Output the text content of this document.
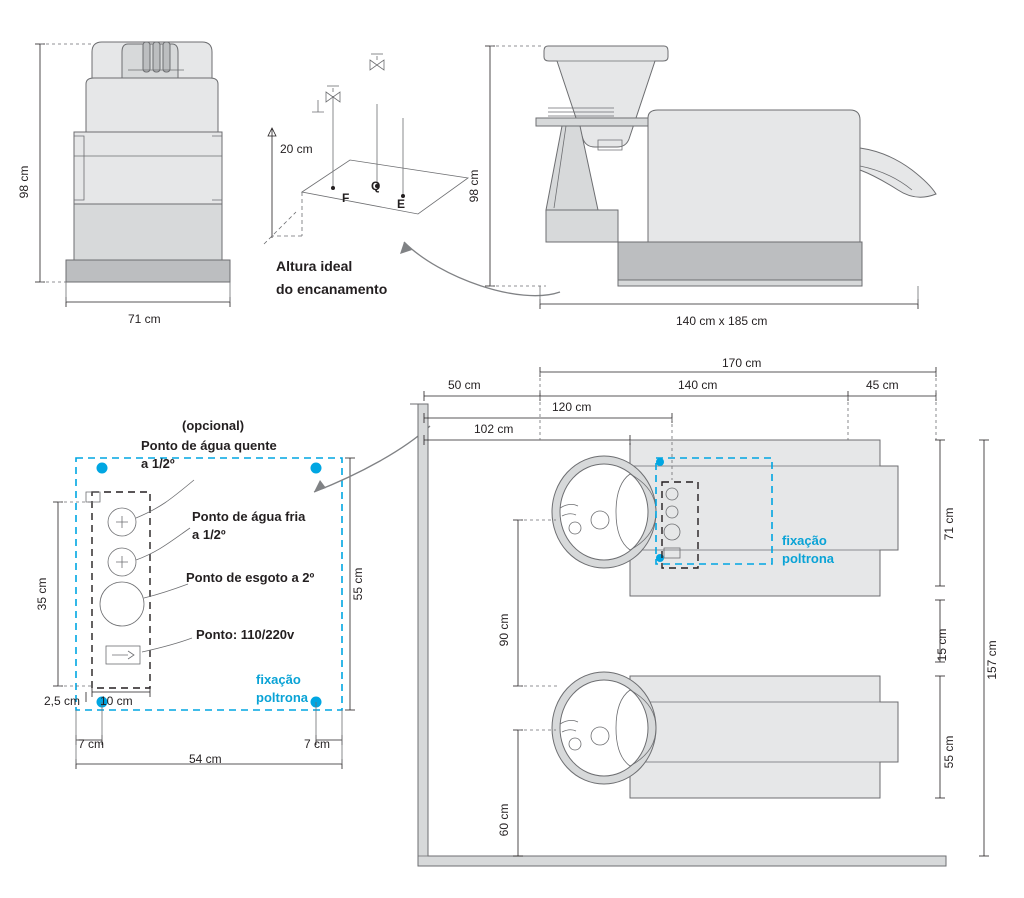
98 cm
71 cm
20 cm
F
Q
E
Altura ideal
do encanamento
98 cm
140 cm x 185 cm
(opcional)
Ponto de água quente
a 1/2º
Ponto de água fria
a 1/2º
Ponto de esgoto a 2º
Ponto: 110/220v
fixação
poltrona
35 cm	55 cm
2,5 cm 10 cm
7 cm	7 cm
54 cm
170 cm
140 cm
50 cm	45 cm
120 cm
102 cm
71 cm
15 cm
55 cm
157 cm
90 cm
60 cm
fixação
poltrona
